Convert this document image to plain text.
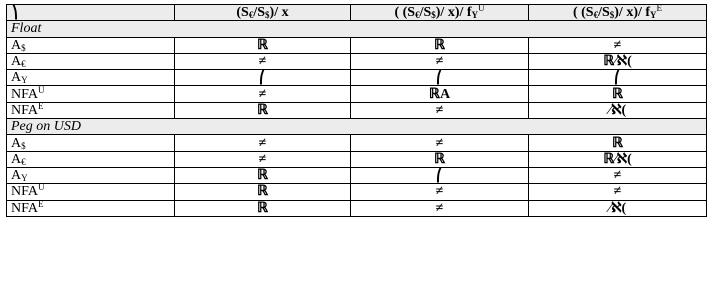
⎞	$(S_€/S_{\$})/$ x	( $(S_€/S_{\$})/$ x)/ $f_Y^U$	( $(S_€/S_{\$})/$ x)/ $f_Y^E$
Float			
$A_{\$}$	ℝ	ℝ	≠
$A_€$	≠	≠	ℝ⁄ℵ(
$A_Y$	⎛	⎛	⎛
$NFA^U$	≠	ℝA	ℝ
$NFA^E$	ℝ	≠	⁄ℵ(
Peg on USD			
$A_{\$}$	≠	≠	ℝ
$A_€$	≠	ℝ	ℝ⁄ℵ(
$A_Y$	ℝ	⎛	≠
$NFA^U$	ℝ	≠	≠
$NFA^E$	ℝ	≠	⁄ℵ(
